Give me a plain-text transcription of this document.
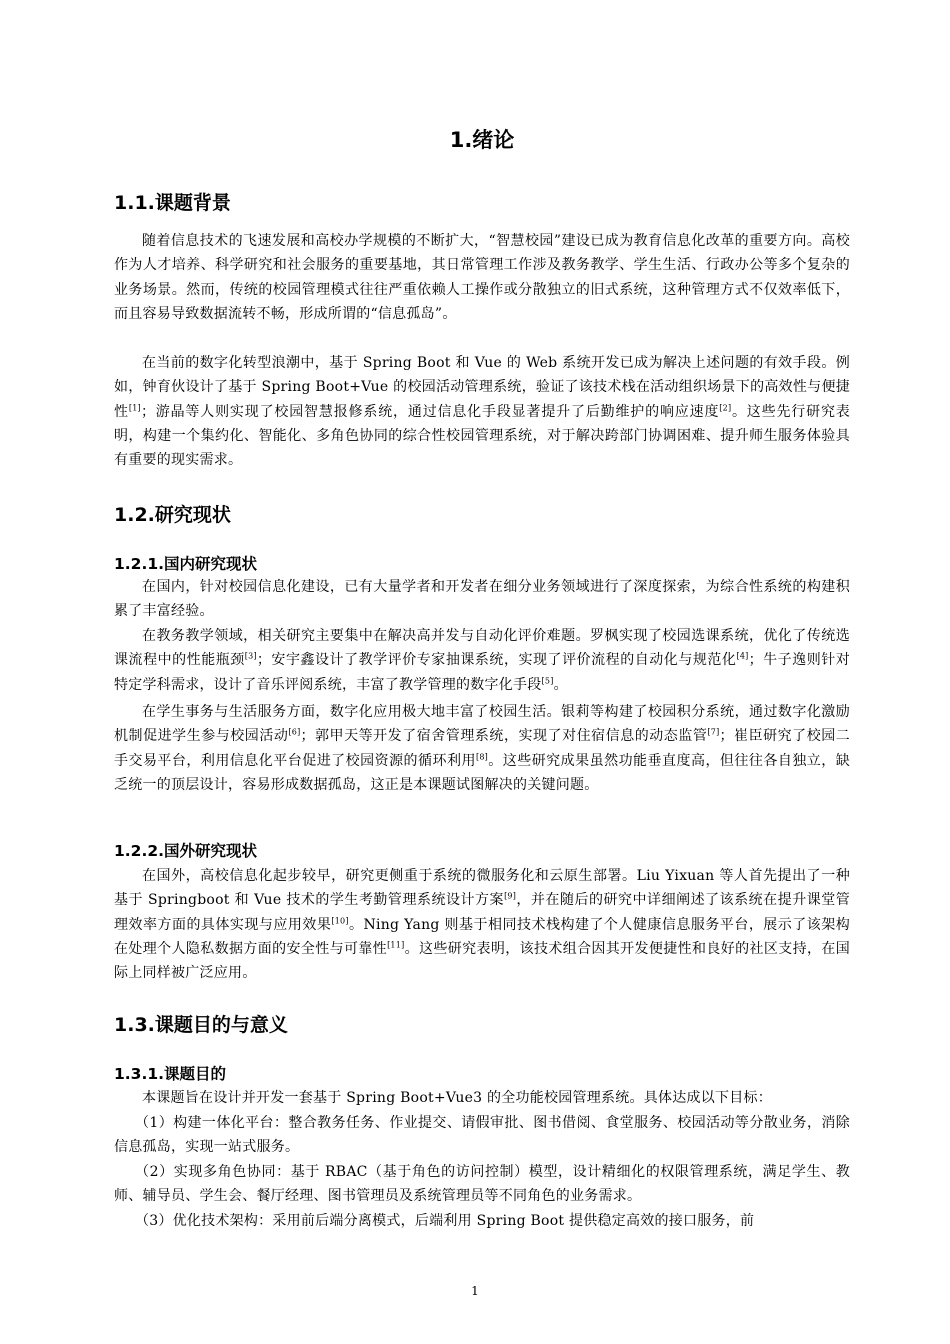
1.绪论
1.1.课题背景

随着信息技术的飞速发展和高校办学规模的不断扩大，“智慧校园”建设已成为教育信息化改革的重要方向。高校作为人才培养、科学研究和社会服务的重要基地，其日常管理工作涉及教务教学、学生生活、行政办公等多个复杂的业务场景。然而，传统的校园管理模式往往严重依赖人工操作或分散独立的旧式系统，这种管理方式不仅效率低下，而且容易导致数据流转不畅，形成所谓的“信息孤岛”。

在当前的数字化转型浪潮中，基于 Spring Boot 和 Vue 的 Web 系统开发已成为解决上述问题的有效手段。例如，钟育伙设计了基于 Spring Boot+Vue 的校园活动管理系统，验证了该技术栈在活动组织场景下的高效性与便捷性[1]；游晶等人则实现了校园智慧报修系统，通过信息化手段显著提升了后勤维护的响应速度[2]。这些先行研究表明，构建一个集约化、智能化、多角色协同的综合性校园管理系统，对于解决跨部门协调困难、提升师生服务体验具有重要的现实需求。

1.2.研究现状
1.2.1.国内研究现状

在国内，针对校园信息化建设，已有大量学者和开发者在细分业务领域进行了深度探索，为综合性系统的构建积累了丰富经验。

在教务教学领域，相关研究主要集中在解决高并发与自动化评价难题。罗枫实现了校园选课系统，优化了传统选课流程中的性能瓶颈[3]；安宇鑫设计了教学评价专家抽课系统，实现了评价流程的自动化与规范化[4]；牛子逸则针对特定学科需求，设计了音乐评阅系统，丰富了教学管理的数字化手段[5]。

在学生事务与生活服务方面，数字化应用极大地丰富了校园生活。银莉等构建了校园积分系统，通过数字化激励机制促进学生参与校园活动[6]；郭甲天等开发了宿舍管理系统，实现了对住宿信息的动态监管[7]；崔臣研究了校园二手交易平台，利用信息化平台促进了校园资源的循环利用[8]。这些研究成果虽然功能垂直度高，但往往各自独立，缺乏统一的顶层设计，容易形成数据孤岛，这正是本课题试图解决的关键问题。

1.2.2.国外研究现状

在国外，高校信息化起步较早，研究更侧重于系统的微服务化和云原生部署。Liu Yixuan 等人首先提出了一种基于 Springboot 和 Vue 技术的学生考勤管理系统设计方案[9]，并在随后的研究中详细阐述了该系统在提升课堂管理效率方面的具体实现与应用效果[10]。Ning Yang 则基于相同技术栈构建了个人健康信息服务平台，展示了该架构在处理个人隐私数据方面的安全性与可靠性[11]。这些研究表明，该技术组合因其开发便捷性和良好的社区支持，在国际上同样被广泛应用。

1.3.课题目的与意义
1.3.1.课题目的

本课题旨在设计并开发一套基于 Spring Boot+Vue3 的全功能校园管理系统。具体达成以下目标：

（1）构建一体化平台：整合教务任务、作业提交、请假审批、图书借阅、食堂服务、校园活动等分散业务，消除信息孤岛，实现一站式服务。

（2）实现多角色协同：基于 RBAC（基于角色的访问控制）模型，设计精细化的权限管理系统，满足学生、教师、辅导员、学生会、餐厅经理、图书管理员及系统管理员等不同角色的业务需求。

（3）优化技术架构：采用前后端分离模式，后端利用 Spring Boot 提供稳定高效的接口服务，前

1
